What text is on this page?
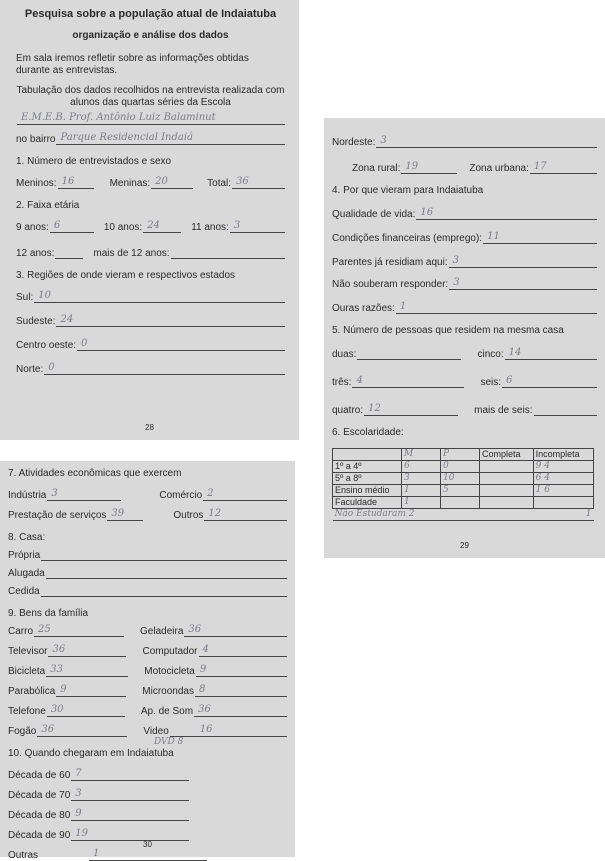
Pesquisa sobre a população atual de Indaiatuba
organização e análise dos dados
Em sala iremos refletir sobre as informações obtidas durante as entrevistas.
Tabulação dos dados recolhidos na entrevista realizada com alunos das quartas séries da Escola
E.M.E.B. Prof. Antônio Luiz Balaminut
no bairro Parque Residencial Indaiá
1. Número de entrevistados e sexo
Meninos: 16	Meninas: 20	Total: 36
2. Faixa etária
9 anos: 6	10 anos: 24	11 anos: 3
12 anos:	mais de 12 anos:
3. Regiões de onde vieram e respectivos estados
Sul: 10
Sudeste: 24
Centro oeste: 0
Norte: 0
28
Nordeste: 3
Zona rural: 19	Zona urbana: 17
4. Por que vieram para Indaiatuba
Qualidade de vida: 16
Condições financeiras (emprego): 11
Parentes já residiam aqui: 3
Não souberam responder: 3
Ouras razões: 1
5. Número de pessoas que residem na mesma casa
duas:	cinco: 14
três: 4	seis: 6
quatro: 12	mais de seis:
6. Escolaridade:
	M	P	Completa	Incompleta
1º a 4º	6	0		9 4
5º a 8º	3	10		6 4
Ensino médio	1	5		1 6
Faculdade	1			
Não Estudaram 2				1
29
7. Atividades econômicas que exercem
Indústria 3	Comércio 2
Prestação de serviços 39	Outros 12
8. Casa:
Própria
Alugada
Cedida
9. Bens da família
Carro 25	Geladeira 36
Televisor 36	Computador 4
Bicicleta 33	Motocicleta 9
Parabólica 9	Microondas 8
Telefone 30	Ap. de Som 36
Fogão 36	Video	16
DVD 8
10. Quando chegaram em Indaiatuba
Década de 60 7
Década de 70 3
Década de 80 9
Década de 90 19
Outras	1
30
